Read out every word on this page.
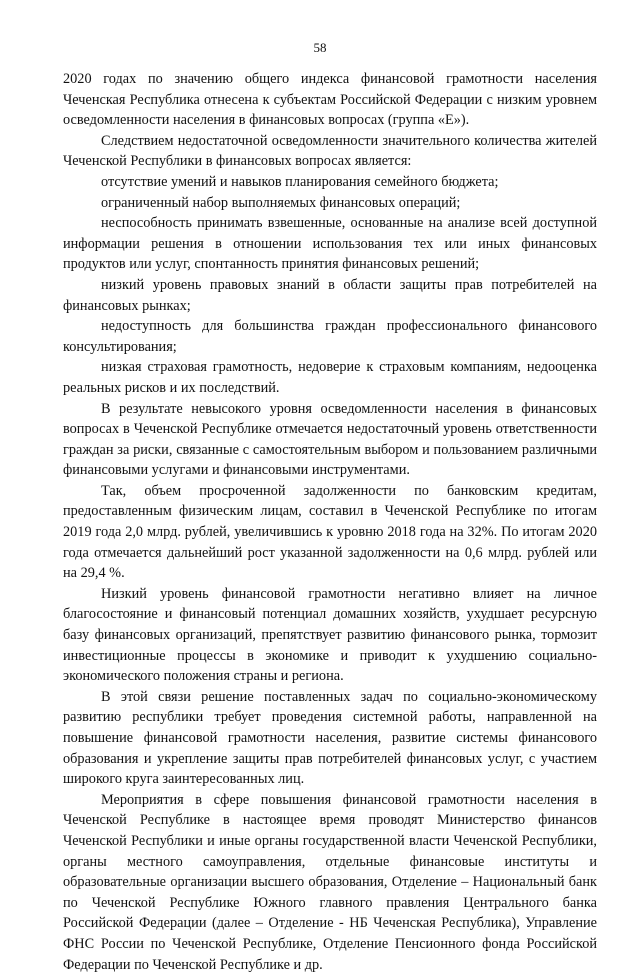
58

2020 годах по значению общего индекса финансовой грамотности населения Чеченская Республика отнесена к субъектам Российской Федерации с низким уровнем осведомленности населения в финансовых вопросах (группа «Е»).

Следствием недостаточной осведомленности значительного количества жителей Чеченской Республики в финансовых вопросах является:

отсутствие умений и навыков планирования семейного бюджета;

ограниченный набор выполняемых финансовых операций;

неспособность принимать взвешенные, основанные на анализе всей доступной информации решения в отношении использования тех или иных финансовых продуктов или услуг, спонтанность принятия финансовых решений;

низкий уровень правовых знаний в области защиты прав потребителей на финансовых рынках;

недоступность для большинства граждан профессионального финансового консультирования;

низкая страховая грамотность, недоверие к страховым компаниям, недооценка реальных рисков и их последствий.

В результате невысокого уровня осведомленности населения в финансовых вопросах в Чеченской Республике отмечается недостаточный уровень ответственности граждан за риски, связанные с самостоятельным выбором и пользованием различными финансовыми услугами и финансовыми инструментами.

Так, объем просроченной задолженности по банковским кредитам, предоставленным физическим лицам, составил в Чеченской Республике по итогам 2019 года 2,0 млрд. рублей, увеличившись к уровню 2018 года на 32%. По итогам 2020 года отмечается дальнейший рост указанной задолженности на 0,6 млрд. рублей или на 29,4 %.

Низкий уровень финансовой грамотности негативно влияет на личное благосостояние и финансовый потенциал домашних хозяйств, ухудшает ресурсную базу финансовых организаций, препятствует развитию финансового рынка, тормозит инвестиционные процессы в экономике и приводит к ухудшению социально-экономического положения страны и региона.

В этой связи решение поставленных задач по социально-экономическому развитию республики требует проведения системной работы, направленной на повышение финансовой грамотности населения, развитие системы финансового образования и укрепление защиты прав потребителей финансовых услуг, с участием широкого круга заинтересованных лиц.

Мероприятия в сфере повышения финансовой грамотности населения в Чеченской Республике в настоящее время проводят Министерство финансов Чеченской Республики и иные органы государственной власти Чеченской Республики, органы местного самоуправления, отдельные финансовые институты и образовательные организации высшего образования, Отделение – Национальный банк по Чеченской Республике Южного главного правления Центрального банка Российской Федерации (далее – Отделение - НБ Чеченская Республика), Управление ФНС России по Чеченской Республике, Отделение Пенсионного фонда Российской Федерации по Чеченской Республике и др.
